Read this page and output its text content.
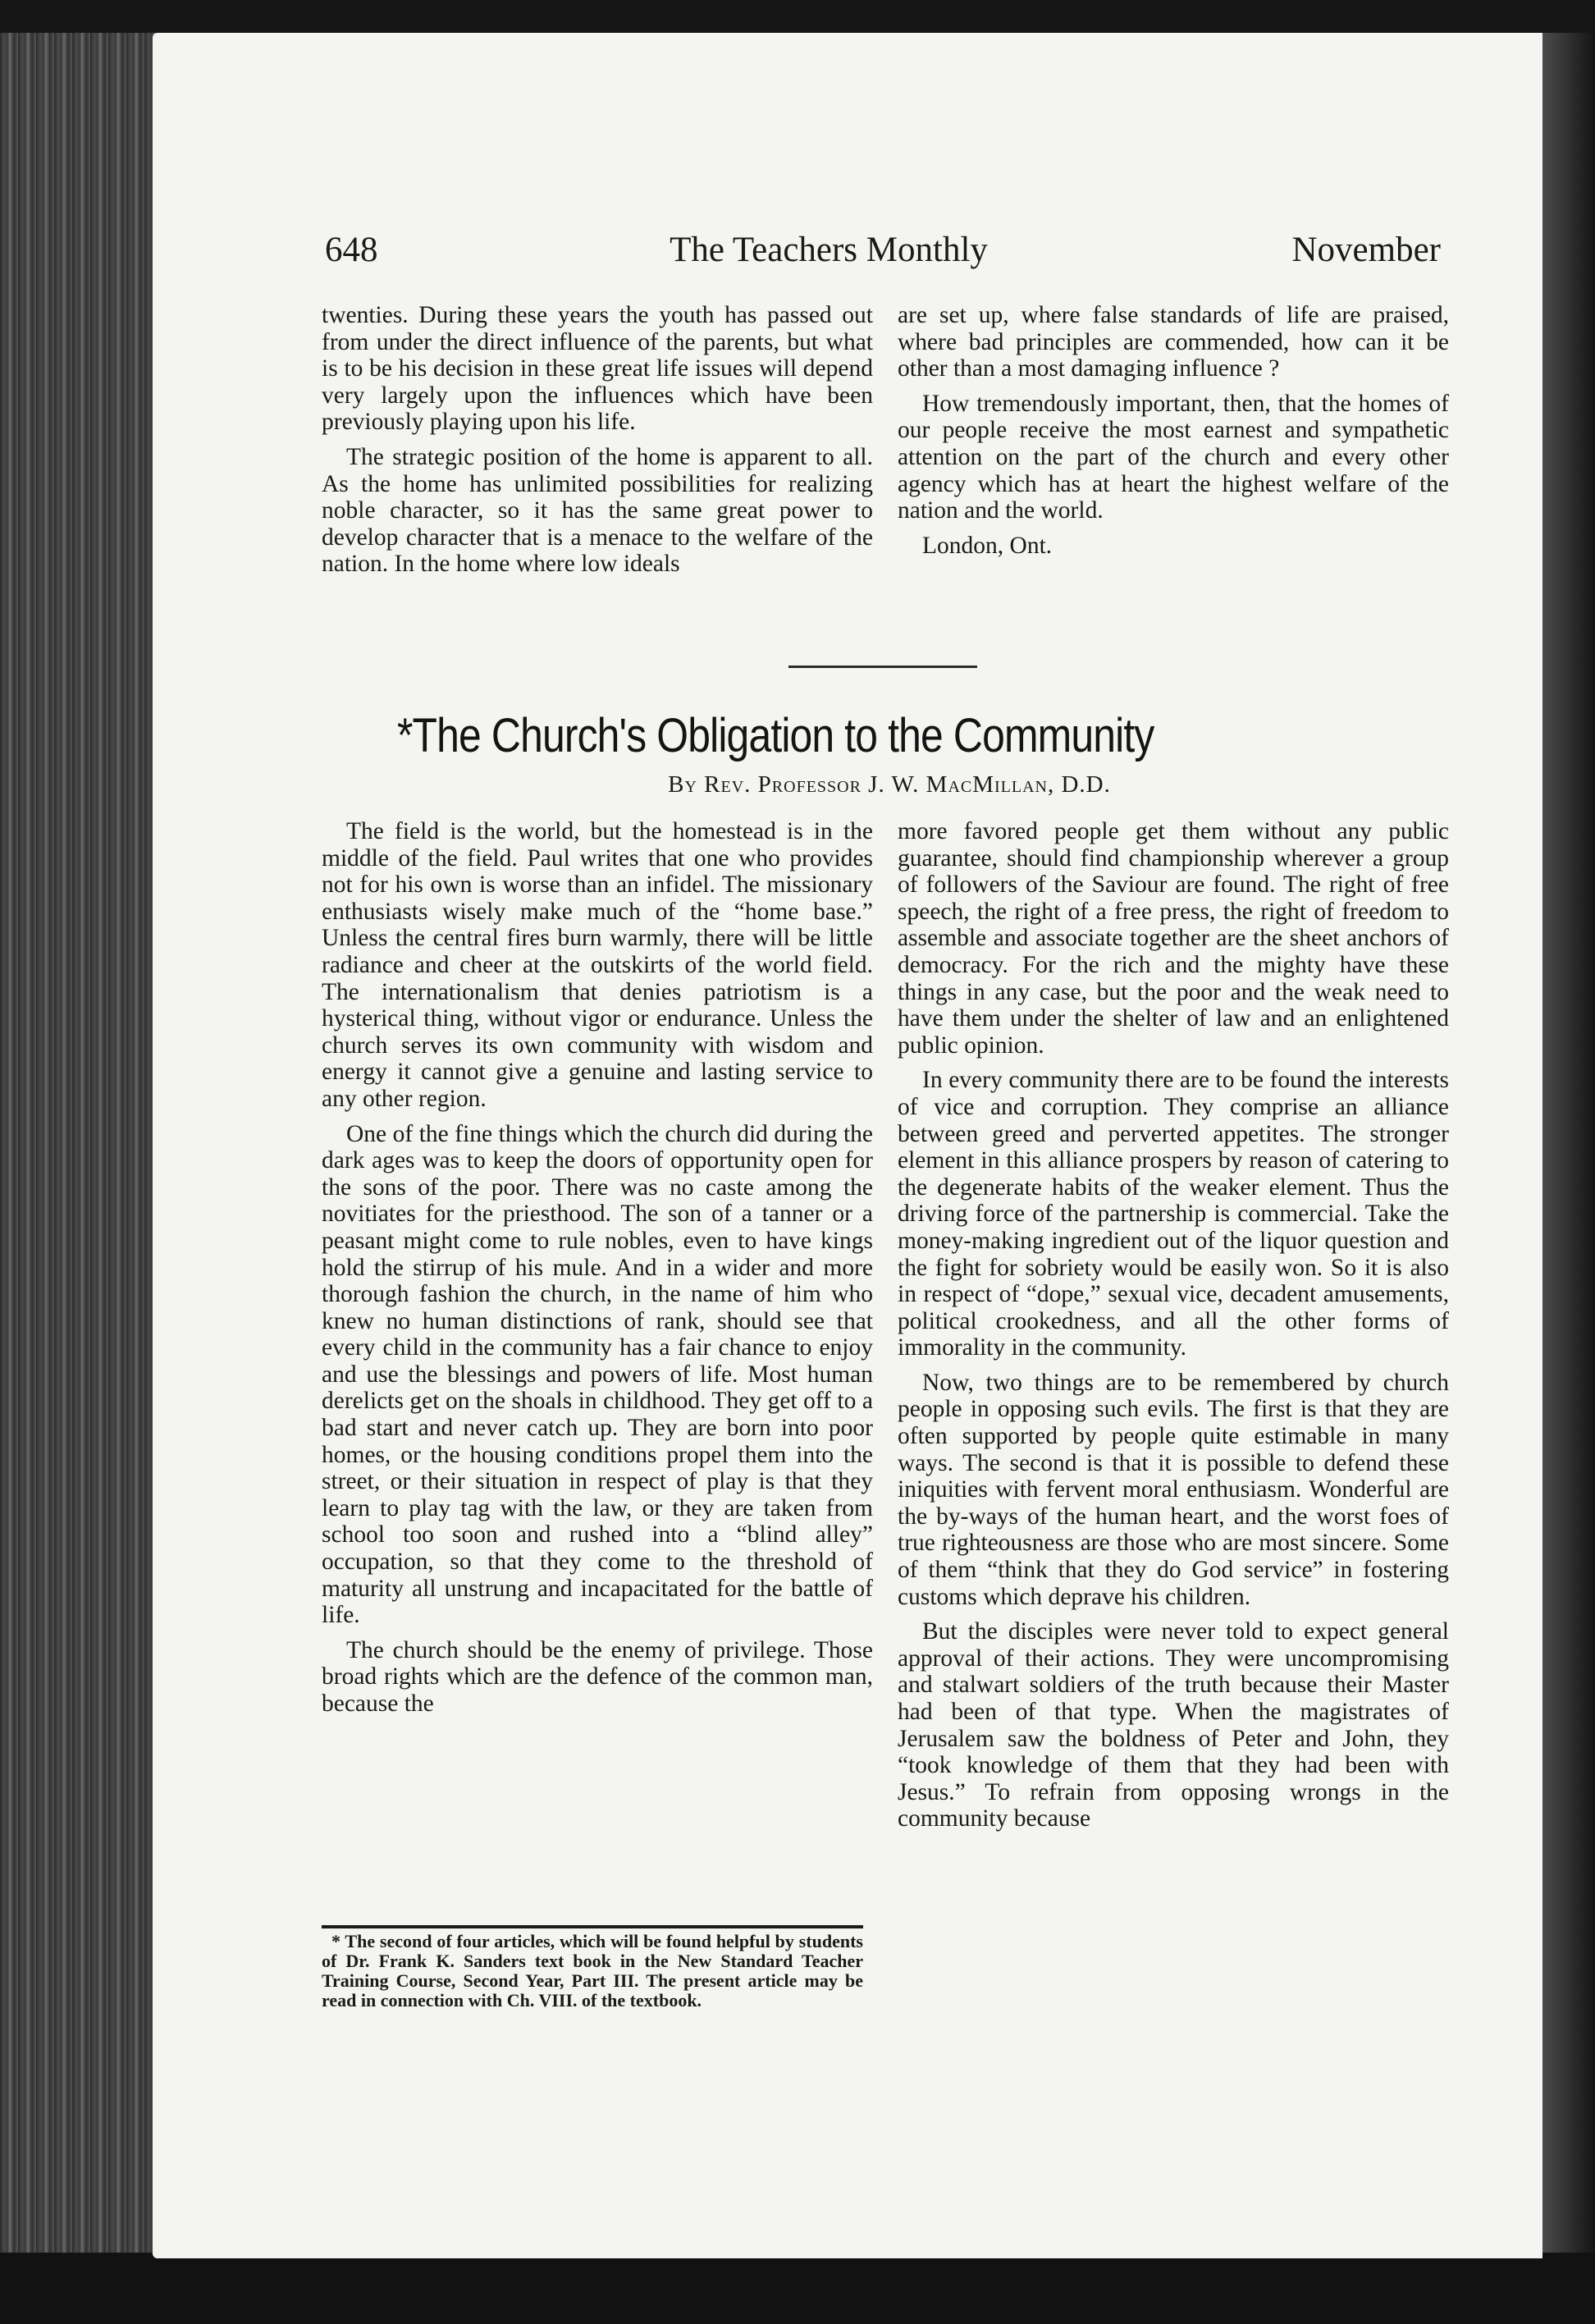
648	The Teachers Monthly	November

twenties. During these years the youth has passed out from under the direct influence of the parents, but what is to be his decision in these great life issues will depend very largely upon the influences which have been previously playing upon his life.

The strategic position of the home is apparent to all. As the home has unlimited possibilities for realizing noble character, so it has the same great power to develop character that is a menace to the welfare of the nation. In the home where low ideals

are set up, where false standards of life are praised, where bad principles are commended, how can it be other than a most damaging influence ?

How tremendously important, then, that the homes of our people receive the most earnest and sympathetic attention on the part of the church and every other agency which has at heart the highest welfare of the nation and the world.

London, Ont.

*The Church's Obligation to the Community
By Rev. Professor J. W. MacMillan, D.D.

The field is the world, but the homestead is in the middle of the field. Paul writes that one who provides not for his own is worse than an infidel. The missionary enthusiasts wisely make much of the “home base.” Unless the central fires burn warmly, there will be little radiance and cheer at the outskirts of the world field. The internationalism that denies patriotism is a hysterical thing, without vigor or endurance. Unless the church serves its own community with wisdom and energy it cannot give a genuine and lasting service to any other region.

One of the fine things which the church did during the dark ages was to keep the doors of opportunity open for the sons of the poor. There was no caste among the novitiates for the priesthood. The son of a tanner or a peasant might come to rule nobles, even to have kings hold the stirrup of his mule. And in a wider and more thorough fashion the church, in the name of him who knew no human distinctions of rank, should see that every child in the community has a fair chance to enjoy and use the blessings and powers of life. Most human derelicts get on the shoals in childhood. They get off to a bad start and never catch up. They are born into poor homes, or the housing conditions propel them into the street, or their situation in respect of play is that they learn to play tag with the law, or they are taken from school too soon and rushed into a “blind alley” occupation, so that they come to the threshold of maturity all unstrung and incapacitated for the battle of life.

The church should be the enemy of privilege. Those broad rights which are the defence of the common man, because the

* The second of four articles, which will be found helpful by students of Dr. Frank K. Sanders text book in the New Standard Teacher Training Course, Second Year, Part III. The present article may be read in connection with Ch. VIII. of the textbook.

more favored people get them without any public guarantee, should find championship wherever a group of followers of the Saviour are found. The right of free speech, the right of a free press, the right of freedom to assemble and associate together are the sheet anchors of democracy. For the rich and the mighty have these things in any case, but the poor and the weak need to have them under the shelter of law and an enlightened public opinion.

In every community there are to be found the interests of vice and corruption. They comprise an alliance between greed and perverted appetites. The stronger element in this alliance prospers by reason of catering to the degenerate habits of the weaker element. Thus the driving force of the partnership is commercial. Take the money-making ingredient out of the liquor question and the fight for sobriety would be easily won. So it is also in respect of “dope,” sexual vice, decadent amusements, political crookedness, and all the other forms of immorality in the community.

Now, two things are to be remembered by church people in opposing such evils. The first is that they are often supported by people quite estimable in many ways. The second is that it is possible to defend these iniquities with fervent moral enthusiasm. Wonderful are the by-ways of the human heart, and the worst foes of true righteousness are those who are most sincere. Some of them “think that they do God service” in fostering customs which deprave his children.

But the disciples were never told to expect general approval of their actions. They were uncompromising and stalwart soldiers of the truth because their Master had been of that type. When the magistrates of Jerusalem saw the boldness of Peter and John, they “took knowledge of them that they had been with Jesus.” To refrain from opposing wrongs in the community because
